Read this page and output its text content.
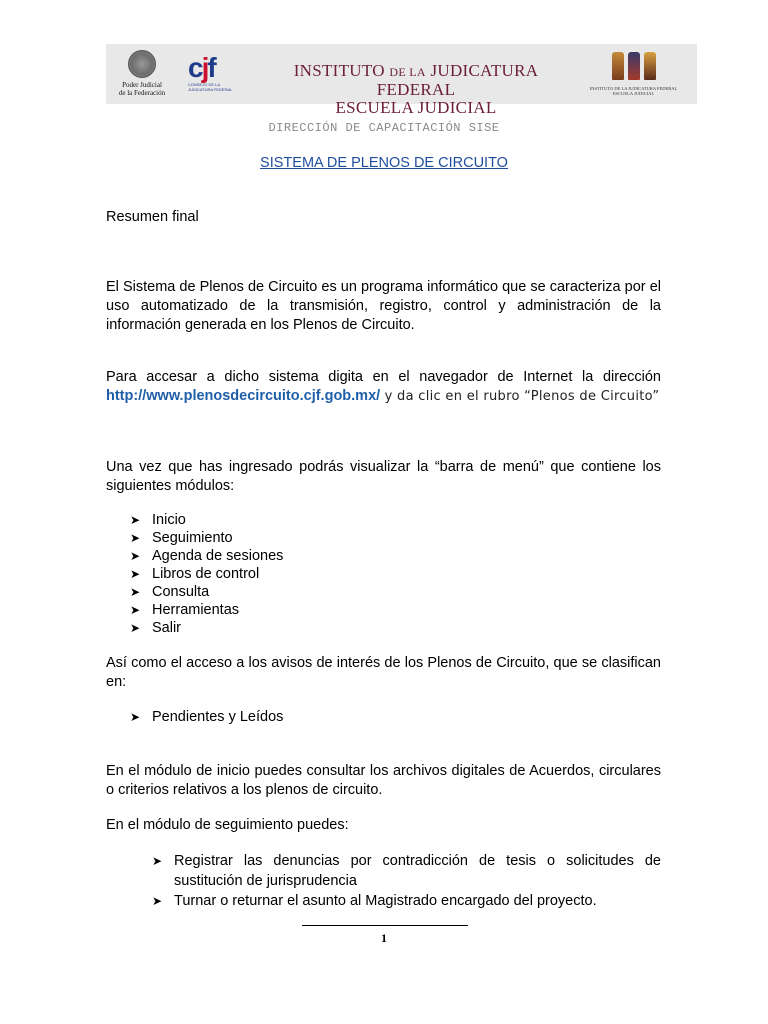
Poder Judicial
de la Federación
cjf
CONSEJO DE LA JUDICATURA FEDERAL
INSTITUTO DE LA JUDICATURA FEDERAL
ESCUELA JUDICIAL
INSTITUTO DE LA JUDICATURA FEDERAL
ESCUELA JUDICIAL
DIRECCIÓN DE CAPACITACIÓN SISE
SISTEMA DE PLENOS DE CIRCUITO
Resumen final
El Sistema de Plenos de Circuito es un programa informático que se caracteriza por el uso automatizado de la transmisión, registro, control y administración de la información generada en los Plenos de Circuito.
Para accesar a dicho sistema digita en el navegador de Internet la dirección http://www.plenosdecircuito.cjf.gob.mx/ y da clic en el rubro “Plenos de Circuito”
Una vez que has ingresado podrás visualizar la “barra de menú” que contiene los siguientes módulos:
➤ Inicio
➤ Seguimiento
➤ Agenda de sesiones
➤ Libros de control
➤ Consulta
➤ Herramientas
➤ Salir
Así como el acceso a los avisos de interés de los Plenos de Circuito, que se clasifican en:
➤ Pendientes y Leídos
En el módulo de inicio puedes consultar los archivos digitales de Acuerdos, circulares o criterios relativos a los plenos de circuito.
En el módulo de seguimiento puedes:
➤ Registrar las denuncias por contradicción de tesis o solicitudes de sustitución de jurisprudencia
➤ Turnar o returnar el asunto al Magistrado encargado del proyecto.
1
